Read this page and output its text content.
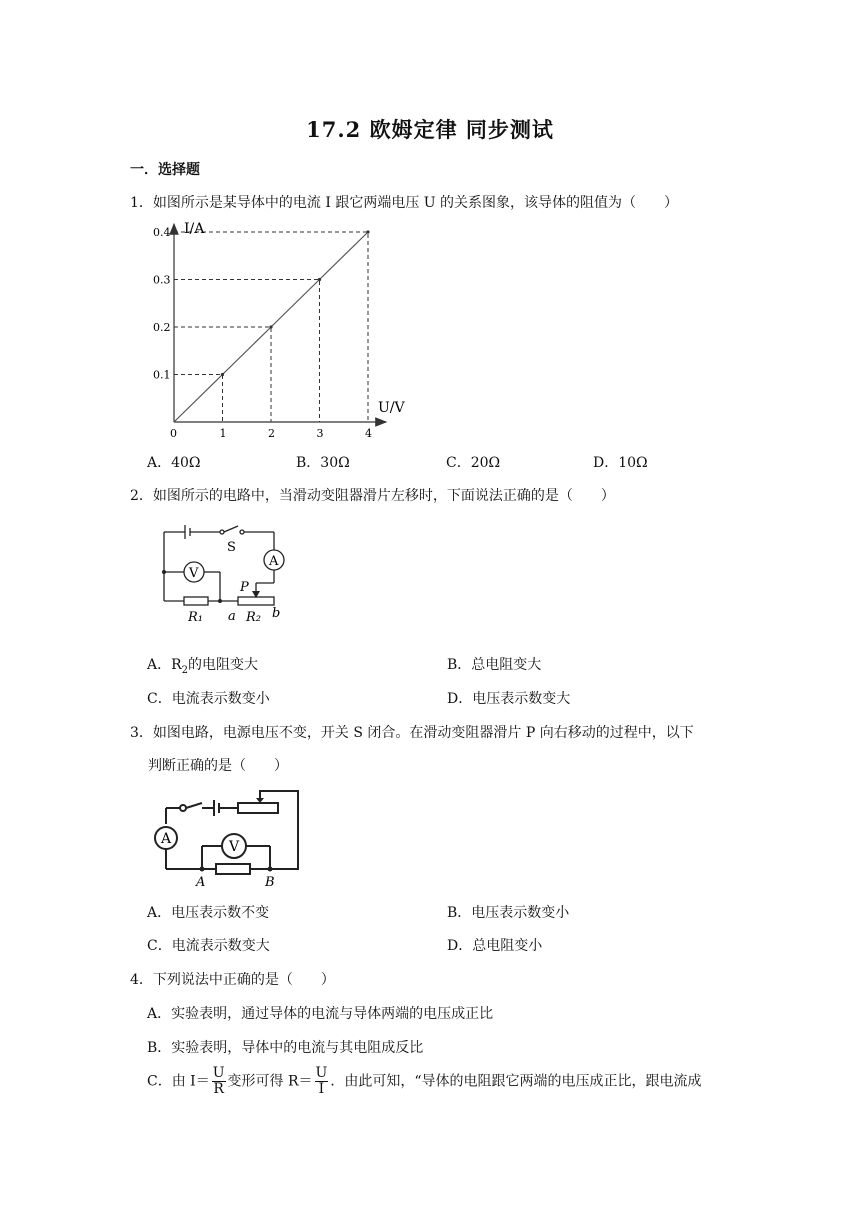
17.2 欧姆定律 同步测试
一．选择题
1．如图所示是某导体中的电流 I 跟它两端电压 U 的关系图象，该导体的阻值为（　　）
0	1	2	3	4
0.1
0.2
0.3
0.4 I/A
U/V
A．40Ω	B．30Ω	C．20Ω	D．10Ω
2．如图所示的电路中，当滑动变阻器滑片左移时，下面说法正确的是（　　）
S
A
V
P
R₁ a R₂ b
A．$R_2$的电阻变大	B．总电阻变大
C．电流表示数变小	D．电压表示数变大
3．如图电路，电源电压不变，开关 S 闭合。在滑动变阻器滑片 P 向右移动的过程中，以下
判断正确的是（　　）
A	V
A	B
A．电压表示数不变	B．电压表示数变小
C．电流表示数变大	D．总电阻变小
4．下列说法中正确的是（　　）
A．实验表明，通过导体的电流与导体两端的电压成正比
B．实验表明，导体中的电流与其电阻成反比
C．由 $I= \frac{U}{R}$ 变形可得 $R= \frac{U}{I}$ ．由此可知，“导体的电阻跟它两端的电压成正比，跟电流成
